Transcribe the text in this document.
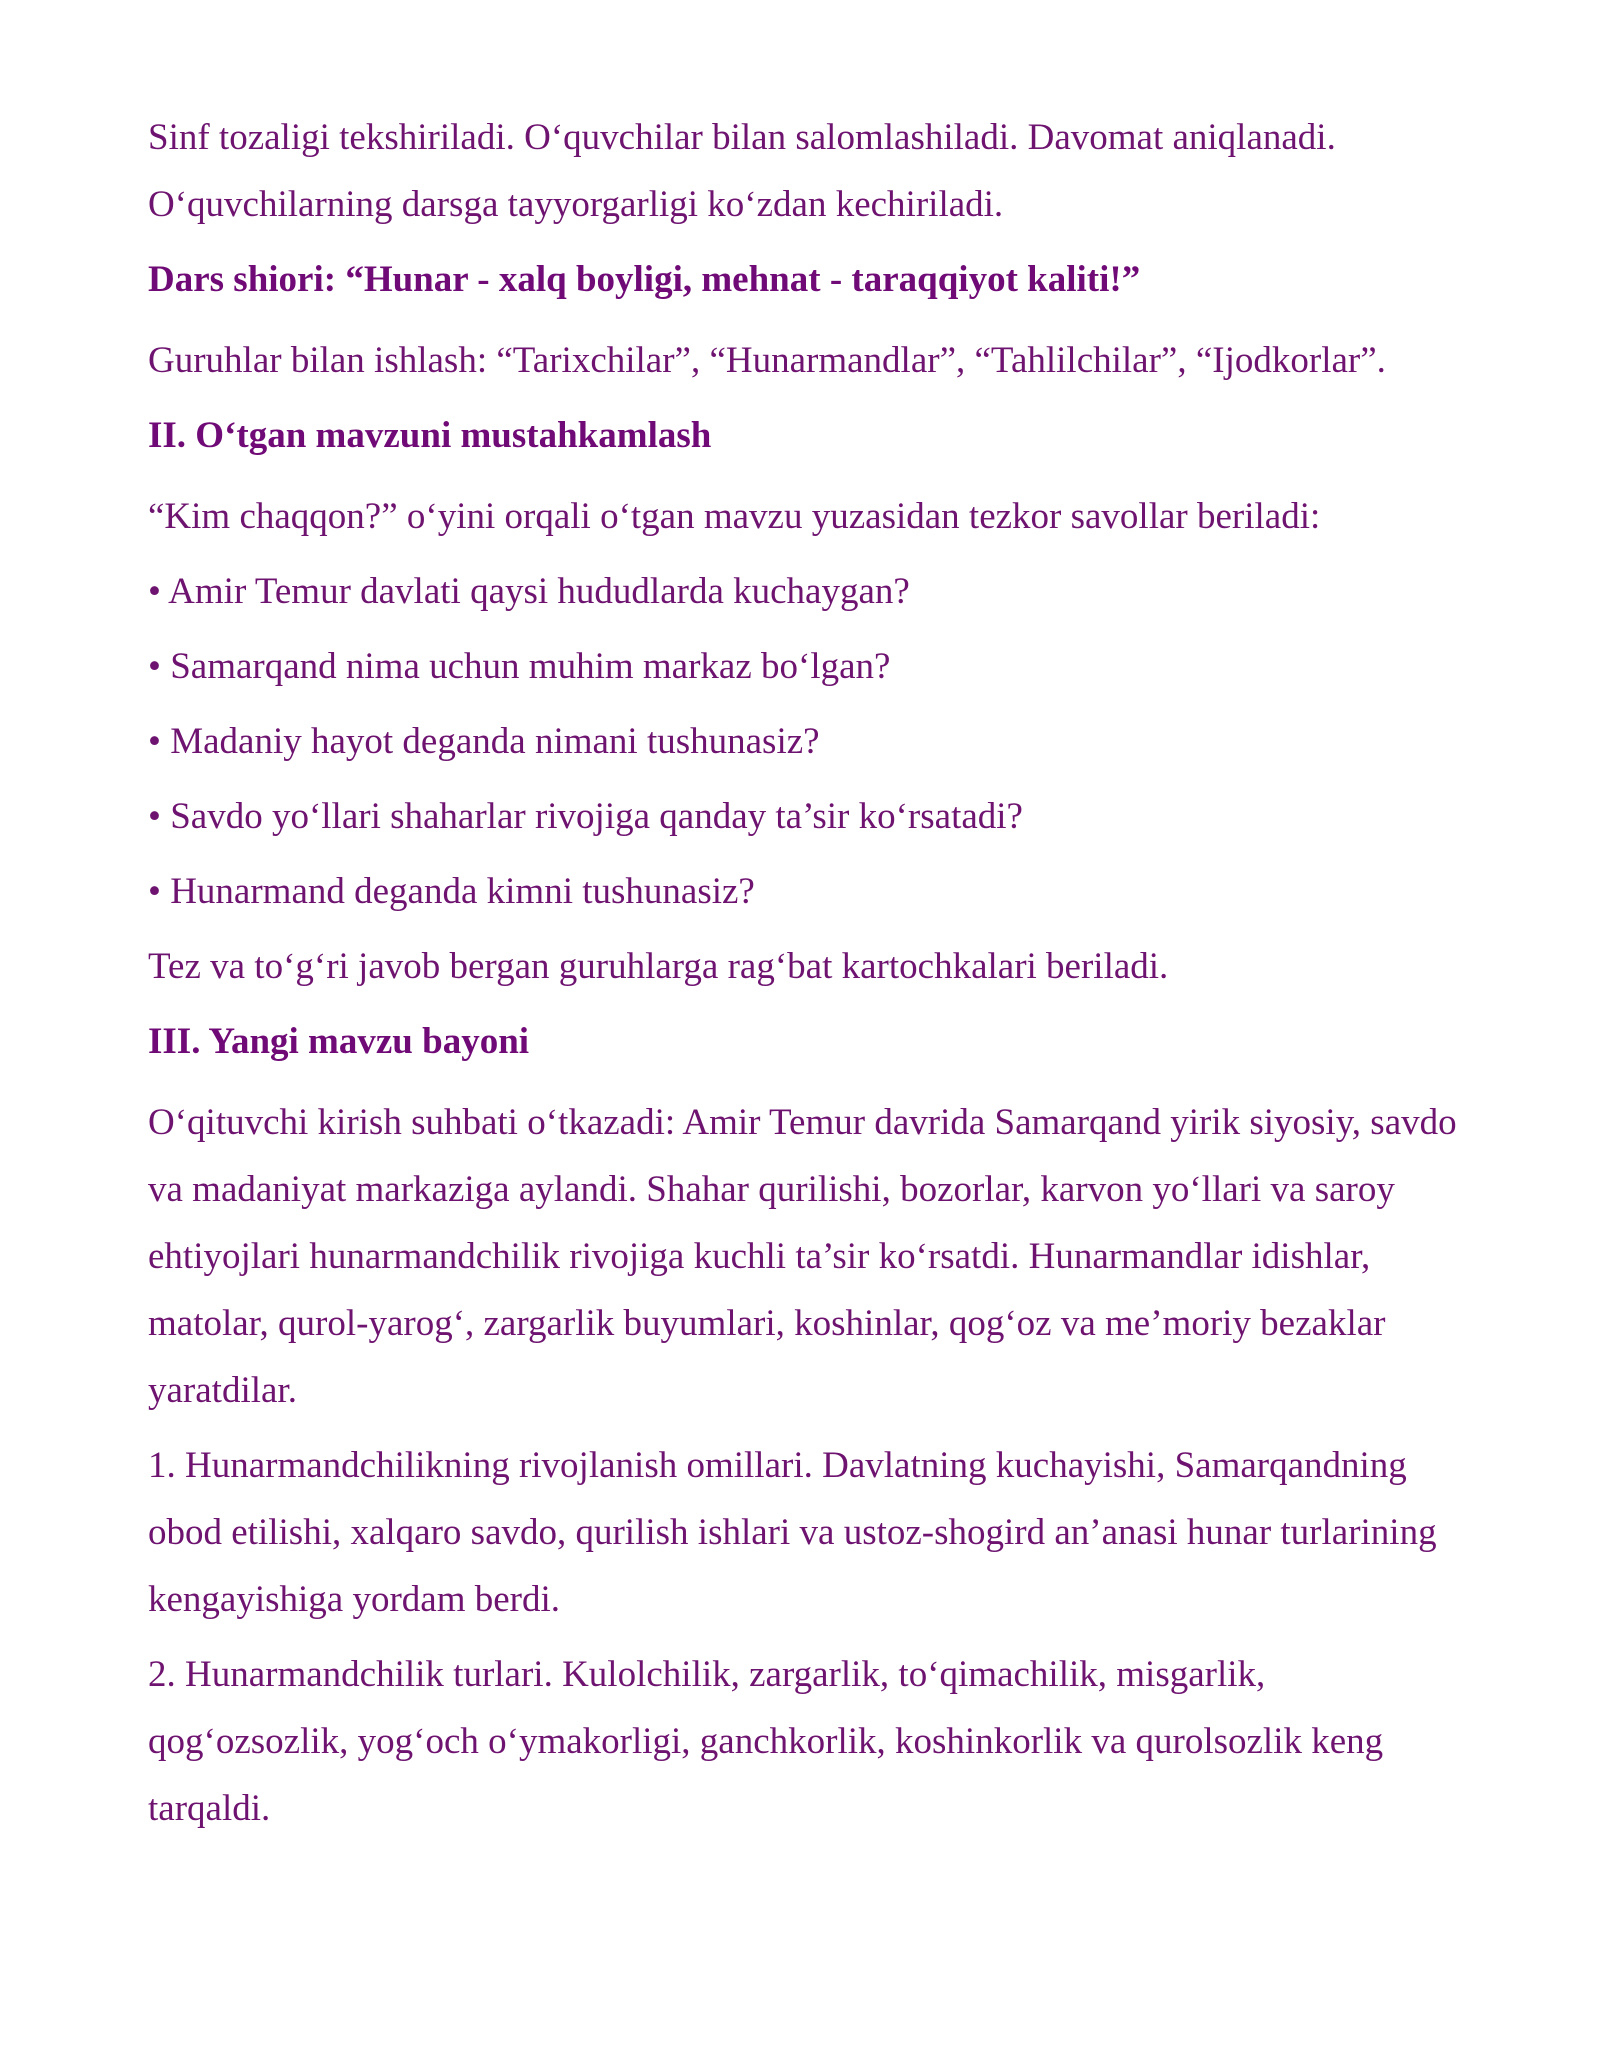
Sinf tozaligi tekshiriladi. O‘quvchilar bilan salomlashiladi. Davomat aniqlanadi. O‘quvchilarning darsga tayyorgarligi ko‘zdan kechiriladi.

Dars shiori: “Hunar - xalq boyligi, mehnat - taraqqiyot kaliti!”

Guruhlar bilan ishlash: “Tarixchilar”, “Hunarmandlar”, “Tahlilchilar”, “Ijodkorlar”.

II. O‘tgan mavzuni mustahkamlash

“Kim chaqqon?” o‘yini orqali o‘tgan mavzu yuzasidan tezkor savollar beriladi:

• Amir Temur davlati qaysi hududlarda kuchaygan?

• Samarqand nima uchun muhim markaz bo‘lgan?

• Madaniy hayot deganda nimani tushunasiz?

• Savdo yo‘llari shaharlar rivojiga qanday ta’sir ko‘rsatadi?

• Hunarmand deganda kimni tushunasiz?

Tez va to‘g‘ri javob bergan guruhlarga rag‘bat kartochkalari beriladi.

III. Yangi mavzu bayoni

O‘qituvchi kirish suhbati o‘tkazadi: Amir Temur davrida Samarqand yirik siyosiy, savdo va madaniyat markaziga aylandi. Shahar qurilishi, bozorlar, karvon yo‘llari va saroy ehtiyojlari hunarmandchilik rivojiga kuchli ta’sir ko‘rsatdi. Hunarmandlar idishlar, matolar, qurol-yarog‘, zargarlik buyumlari, koshinlar, qog‘oz va me’moriy bezaklar yaratdilar.

1. Hunarmandchilikning rivojlanish omillari. Davlatning kuchayishi, Samarqandning obod etilishi, xalqaro savdo, qurilish ishlari va ustoz-shogird an’anasi hunar turlarining kengayishiga yordam berdi.

2. Hunarmandchilik turlari. Kulolchilik, zargarlik, to‘qimachilik, misgarlik, qog‘ozsozlik, yog‘och o‘ymakorligi, ganchkorlik, koshinkorlik va qurolsozlik keng tarqaldi.
